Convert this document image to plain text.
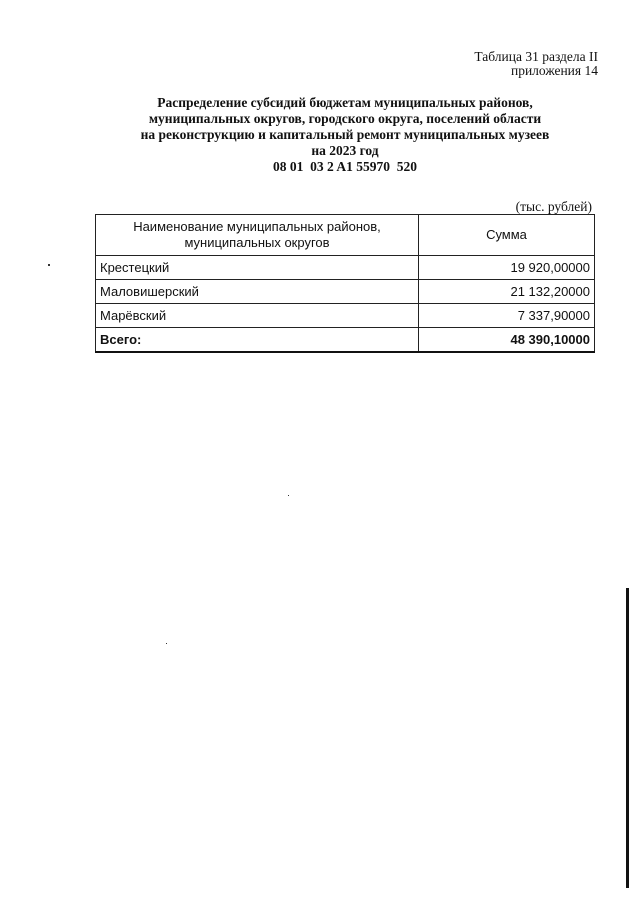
Таблица 31 раздела II
приложения 14
Распределение субсидий бюджетам муниципальных районов,
муниципальных округов, городского округа, поселений области
на реконструкцию и капитальный ремонт муниципальных музеев
на 2023 год
08 01  03 2 A1 55970  520
(тыс. рублей)
Наименование муниципальных районов, муниципальных округов	Сумма
Крестецкий	19 920,00000
Маловишерский	21 132,20000
Марёвский	7 337,90000
Всего:	48 390,10000
